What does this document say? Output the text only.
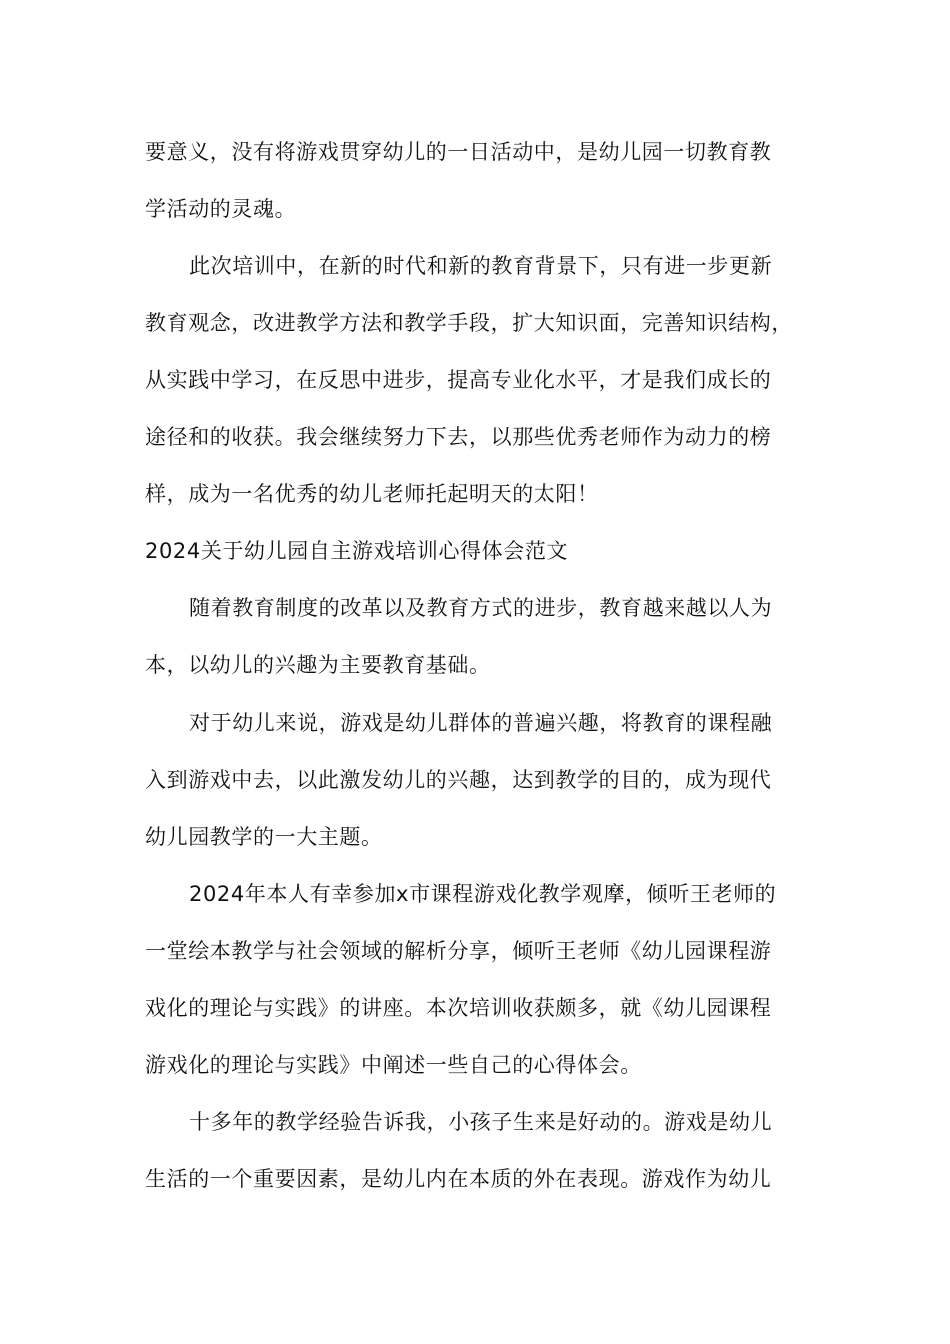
要意义，没有将游戏贯穿幼儿的一日活动中，是幼儿园一切教育教

学活动的灵魂。

此次培训中，在新的时代和新的教育背景下，只有进一步更新

教育观念，改进教学方法和教学手段，扩大知识面，完善知识结构，

从实践中学习，在反思中进步，提高专业化水平，才是我们成长的

途径和的收获。我会继续努力下去，以那些优秀老师作为动力的榜

样，成为一名优秀的幼儿老师托起明天的太阳！

2024关于幼儿园自主游戏培训心得体会范文

随着教育制度的改革以及教育方式的进步，教育越来越以人为

本，以幼儿的兴趣为主要教育基础。

对于幼儿来说，游戏是幼儿群体的普遍兴趣，将教育的课程融

入到游戏中去，以此激发幼儿的兴趣，达到教学的目的，成为现代

幼儿园教学的一大主题。

2024年本人有幸参加x市课程游戏化教学观摩，倾听王老师的

一堂绘本教学与社会领域的解析分享，倾听王老师《幼儿园课程游

戏化的理论与实践》的讲座。本次培训收获颇多，就《幼儿园课程

游戏化的理论与实践》中阐述一些自己的心得体会。

十多年的教学经验告诉我，小孩子生来是好动的。游戏是幼儿

生活的一个重要因素，是幼儿内在本质的外在表现。游戏作为幼儿
